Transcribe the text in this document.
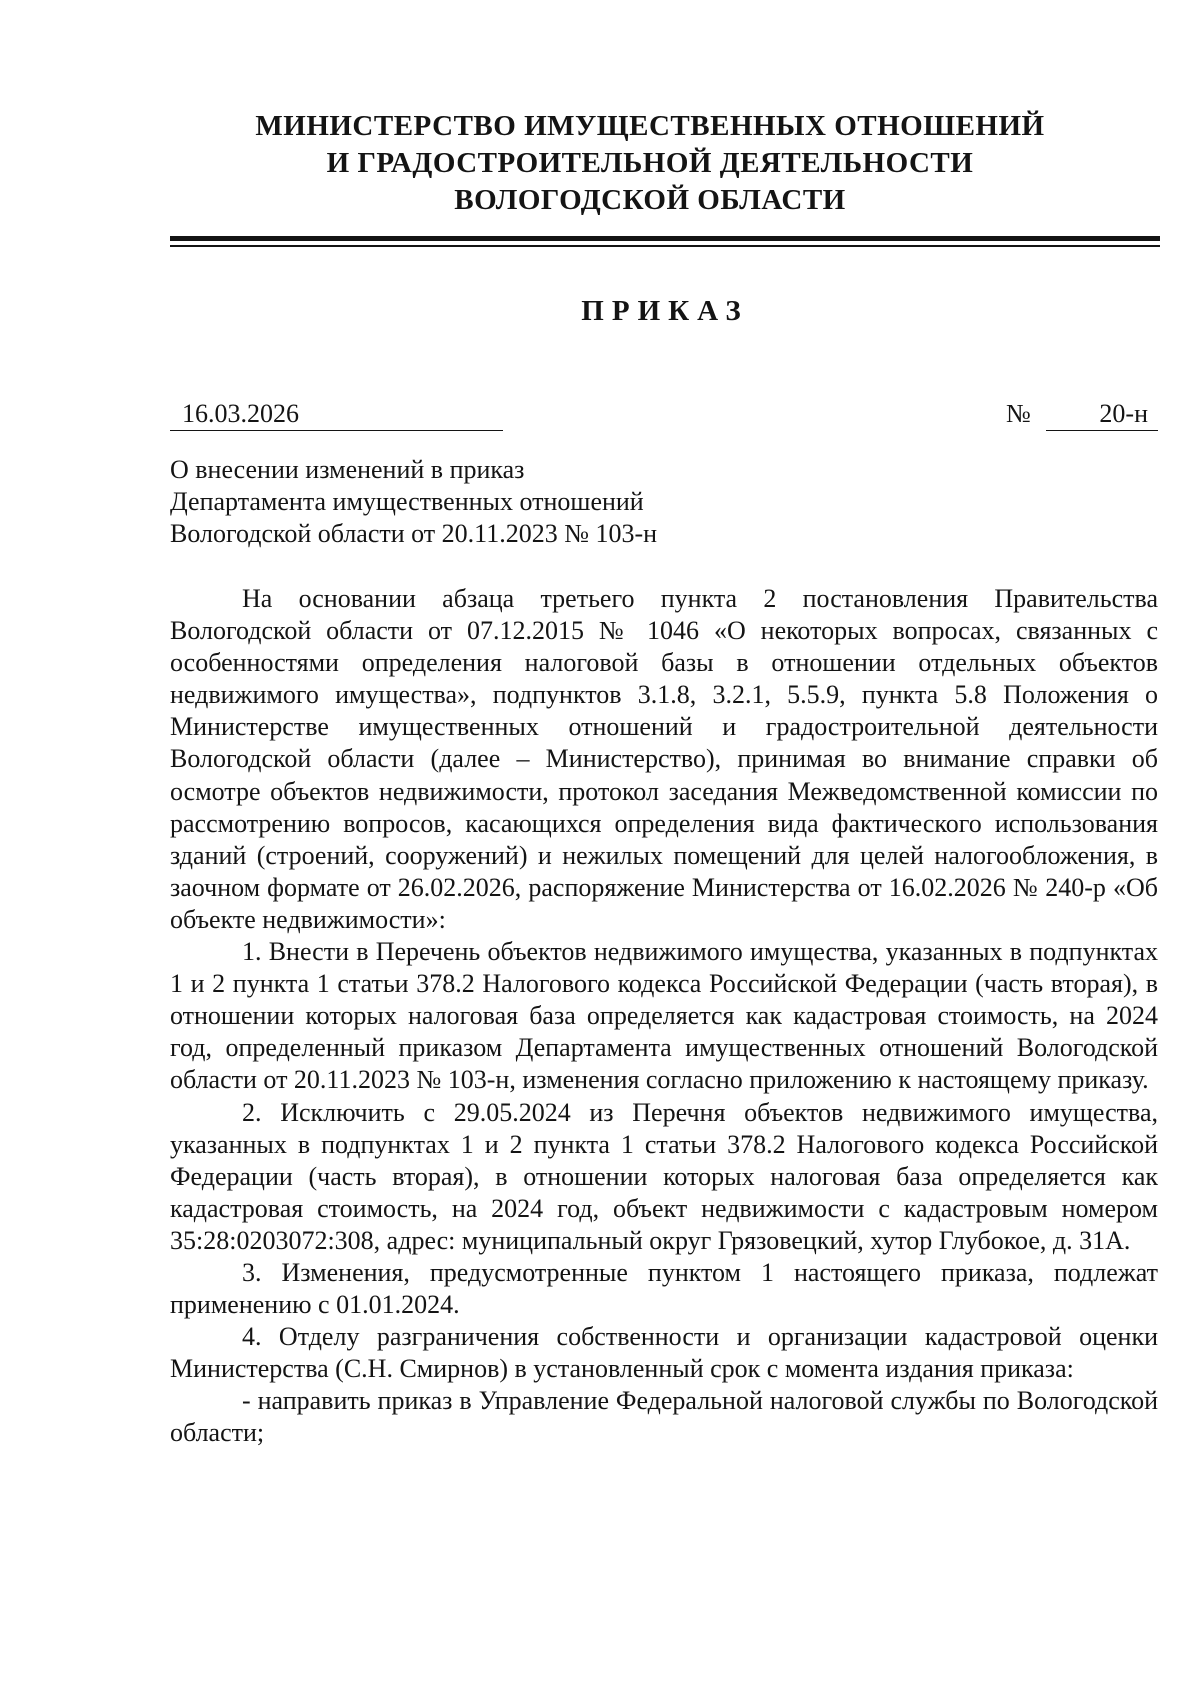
МИНИСТЕРСТВО ИМУЩЕСТВЕННЫХ ОТНОШЕНИЙ
И ГРАДОСТРОИТЕЛЬНОЙ ДЕЯТЕЛЬНОСТИ
ВОЛОГОДСКОЙ ОБЛАСТИ
ПРИКАЗ
16.03.2026	№	20-н
О внесении изменений в приказ
Департамента имущественных отношений
Вологодской области от 20.11.2023 № 103-н

На основании абзаца третьего пункта 2 постановления Правительства Вологодской области от 07.12.2015 № 1046 «О некоторых вопросах, связанных с особенностями определения налоговой базы в отношении отдельных объектов недвижимого имущества», подпунктов 3.1.8, 3.2.1, 5.5.9, пункта 5.8 Положения о Министерстве имущественных отношений и градостроительной деятельности Вологодской области (далее – Министерство), принимая во внимание справки об осмотре объектов недвижимости, протокол заседания Межведомственной комиссии по рассмотрению вопросов, касающихся определения вида фактического использования зданий (строений, сооружений) и нежилых помещений для целей налогообложения, в заочном формате от 26.02.2026, распоряжение Министерства от 16.02.2026 № 240-р «Об объекте недвижимости»:

1. Внести в Перечень объектов недвижимого имущества, указанных в подпунктах 1 и 2 пункта 1 статьи 378.2 Налогового кодекса Российской Федерации (часть вторая), в отношении которых налоговая база определяется как кадастровая стоимость, на 2024 год, определенный приказом Департамента имущественных отношений Вологодской области от 20.11.2023 № 103-н, изменения согласно приложению к настоящему приказу.

2. Исключить с 29.05.2024 из Перечня объектов недвижимого имущества, указанных в подпунктах 1 и 2 пункта 1 статьи 378.2 Налогового кодекса Российской Федерации (часть вторая), в отношении которых налоговая база определяется как кадастровая стоимость, на 2024 год, объект недвижимости с кадастровым номером 35:28:0203072:308, адрес: муниципальный округ Грязовецкий, хутор Глубокое, д. 31А.

3. Изменения, предусмотренные пунктом 1 настоящего приказа, подлежат применению с 01.01.2024.

4. Отделу разграничения собственности и организации кадастровой оценки Министерства (С.Н. Смирнов) в установленный срок с момента издания приказа:

- направить приказ в Управление Федеральной налоговой службы по Вологодской области;
